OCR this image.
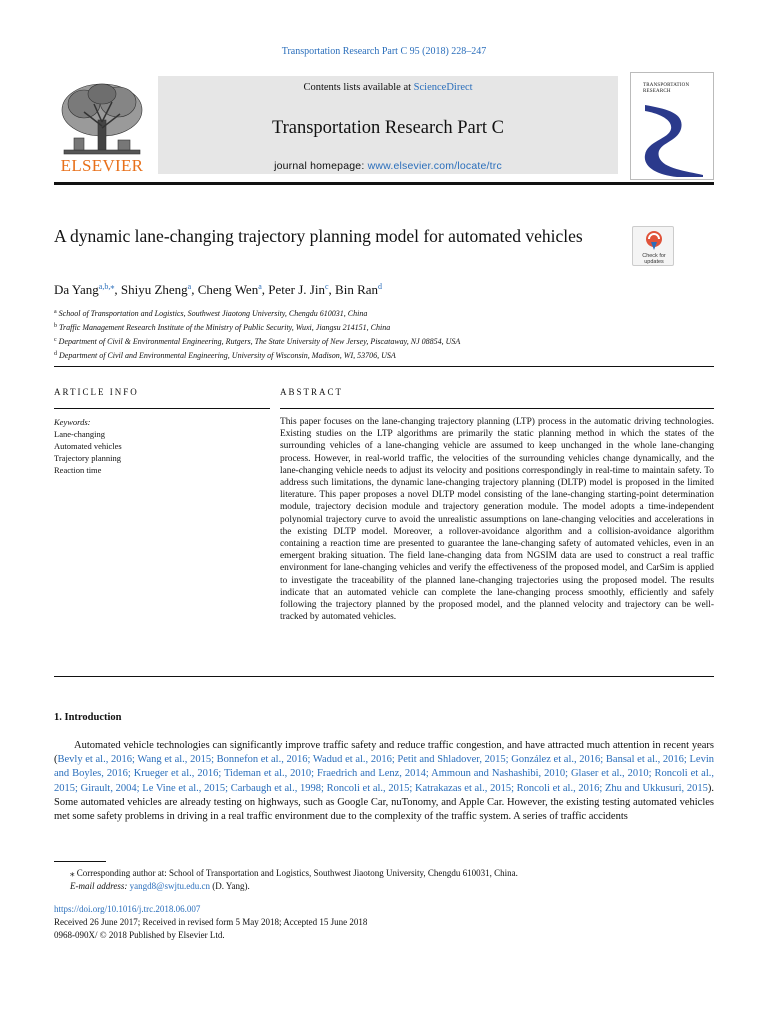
Transportation Research Part C 95 (2018) 228–247
ELSEVIER
Contents lists available at ScienceDirect
Transportation Research Part C
journal homepage: www.elsevier.com/locate/trc
TRANSPORTATION
RESEARCH
A dynamic lane-changing trajectory planning model for automated vehicles
Check for updates
Da Yang$^{a,b,⁎}$, Shiyu Zheng$^a$, Cheng Wen$^a$, Peter J. Jin$^c$, Bin Ran$^d$
$^a$ School of Transportation and Logistics, Southwest Jiaotong University, Chengdu 610031, China
$^b$ Traffic Management Research Institute of the Ministry of Public Security, Wuxi, Jiangsu 214151, China
$^c$ Department of Civil & Environmental Engineering, Rutgers, The State University of New Jersey, Piscataway, NJ 08854, USA
$^d$ Department of Civil and Environmental Engineering, University of Wisconsin, Madison, WI, 53706, USA
ARTICLE INFO	ABSTRACT
Keywords:
Lane-changing
Automated vehicles
Trajectory planning
Reaction time
This paper focuses on the lane-changing trajectory planning (LTP) process in the automatic driving technologies. Existing studies on the LTP algorithms are primarily the static planning method in which the states of the surrounding vehicles of a lane-changing vehicle are assumed to keep unchanged in the whole lane-changing process. However, in real-world traffic, the velocities of the surrounding vehicles change dynamically, and the lane-changing vehicle needs to adjust its velocity and positions correspondingly in real-time to maintain safety. To address such limitations, the dynamic lane-changing trajectory planning (DLTP) model is proposed in the limited literature. This paper proposes a novel DLTP model consisting of the lane-changing starting-point determination module, trajectory decision module and trajectory generation module. The model adopts a time-independent polynomial trajectory curve to avoid the unrealistic assumptions on lane-changing velocities and accelerations in the existing DLTP model. Moreover, a rollover-avoidance algorithm and a collision-avoidance algorithm containing a reaction time are presented to guarantee the lane-changing safety of automated vehicles, even in an emergent braking situation. The field lane-changing data from NGSIM data are used to construct a real traffic environment for lane-changing vehicles and verify the effectiveness of the proposed model, and CarSim is applied to investigate the traceability of the planned lane-changing trajectories using the proposed model. The results indicate that an automated vehicle can complete the lane-changing process smoothly, efficiently and safely following the trajectory planned by the proposed model, and the planned velocity and trajectory can be well-tracked by automated vehicles.
1. Introduction
Automated vehicle technologies can significantly improve traffic safety and reduce traffic congestion, and have attracted much attention in recent years (Bevly et al., 2016; Wang et al., 2015; Bonnefon et al., 2016; Wadud et al., 2016; Petit and Shladover, 2015; González et al., 2016; Bansal et al., 2016; Levin and Boyles, 2016; Krueger et al., 2016; Tideman et al., 2010; Fraedrich and Lenz, 2014; Ammoun and Nashashibi, 2010; Glaser et al., 2010; Roncoli et al., 2015; Girault, 2004; Le Vine et al., 2015; Carbaugh et al., 1998; Roncoli et al., 2015; Katrakazas et al., 2015; Roncoli et al., 2016; Zhu and Ukkusuri, 2015). Some automated vehicles are already testing on highways, such as Google Car, nuTonomy, and Apple Car. However, the existing testing automated vehicles met some safety problems in driving in a real traffic environment due to the complexity of the traffic system. A series of traffic accidents
⁎ Corresponding author at: School of Transportation and Logistics, Southwest Jiaotong University, Chengdu 610031, China.
E-mail address: yangd8@swjtu.edu.cn (D. Yang).
https://doi.org/10.1016/j.trc.2018.06.007
Received 26 June 2017; Received in revised form 5 May 2018; Accepted 15 June 2018
0968-090X/ © 2018 Published by Elsevier Ltd.
